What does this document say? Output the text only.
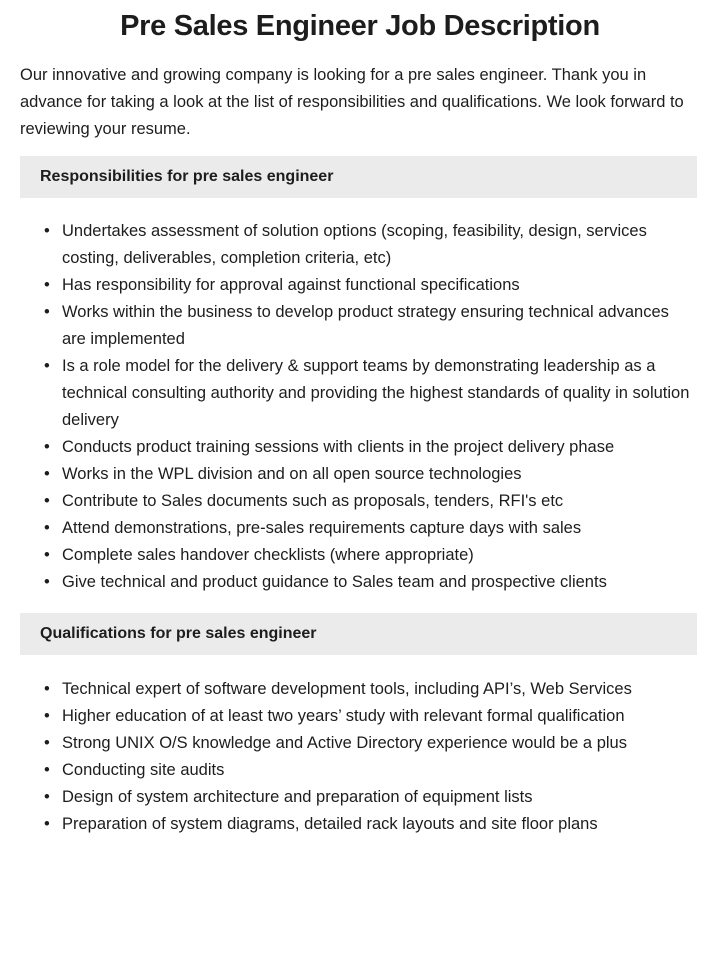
Pre Sales Engineer Job Description

Our innovative and growing company is looking for a pre sales engineer. Thank you in advance for taking a look at the list of responsibilities and qualifications. We look forward to reviewing your resume.

Responsibilities for pre sales engineer
• Undertakes assessment of solution options (scoping, feasibility, design, services costing, deliverables, completion criteria, etc)
• Has responsibility for approval against functional specifications
• Works within the business to develop product strategy ensuring technical advances are implemented
• Is a role model for the delivery & support teams by demonstrating leadership as a technical consulting authority and providing the highest standards of quality in solution delivery
• Conducts product training sessions with clients in the project delivery phase
• Works in the WPL division and on all open source technologies
• Contribute to Sales documents such as proposals, tenders, RFI's etc
• Attend demonstrations, pre-sales requirements capture days with sales
• Complete sales handover checklists (where appropriate)
• Give technical and product guidance to Sales team and prospective clients
Qualifications for pre sales engineer
• Technical expert of software development tools, including API’s, Web Services
• Higher education of at least two years’ study with relevant formal qualification
• Strong UNIX O/S knowledge and Active Directory experience would be a plus
• Conducting site audits
• Design of system architecture and preparation of equipment lists
• Preparation of system diagrams, detailed rack layouts and site floor plans
